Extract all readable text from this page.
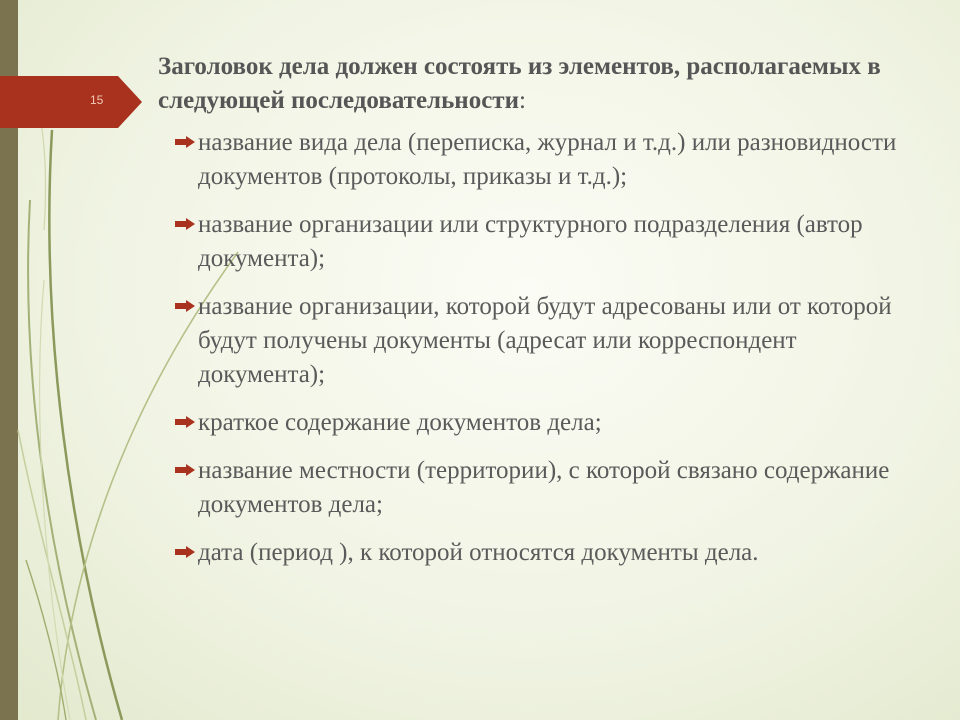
15
Заголовок дела должен состоять из элементов, располагаемых в следующей последовательности:
название вида дела (переписка, журнал и т.д.) или разновидности документов (протоколы, приказы и т.д.);
название организации или структурного подразделения (автор документа);
название организации, которой будут адресованы или от которой будут получены документы (адресат или корреспондент документа);
краткое содержание документов дела;
название местности (территории), с которой связано содержание документов дела;
дата (период ), к которой относятся документы дела.
